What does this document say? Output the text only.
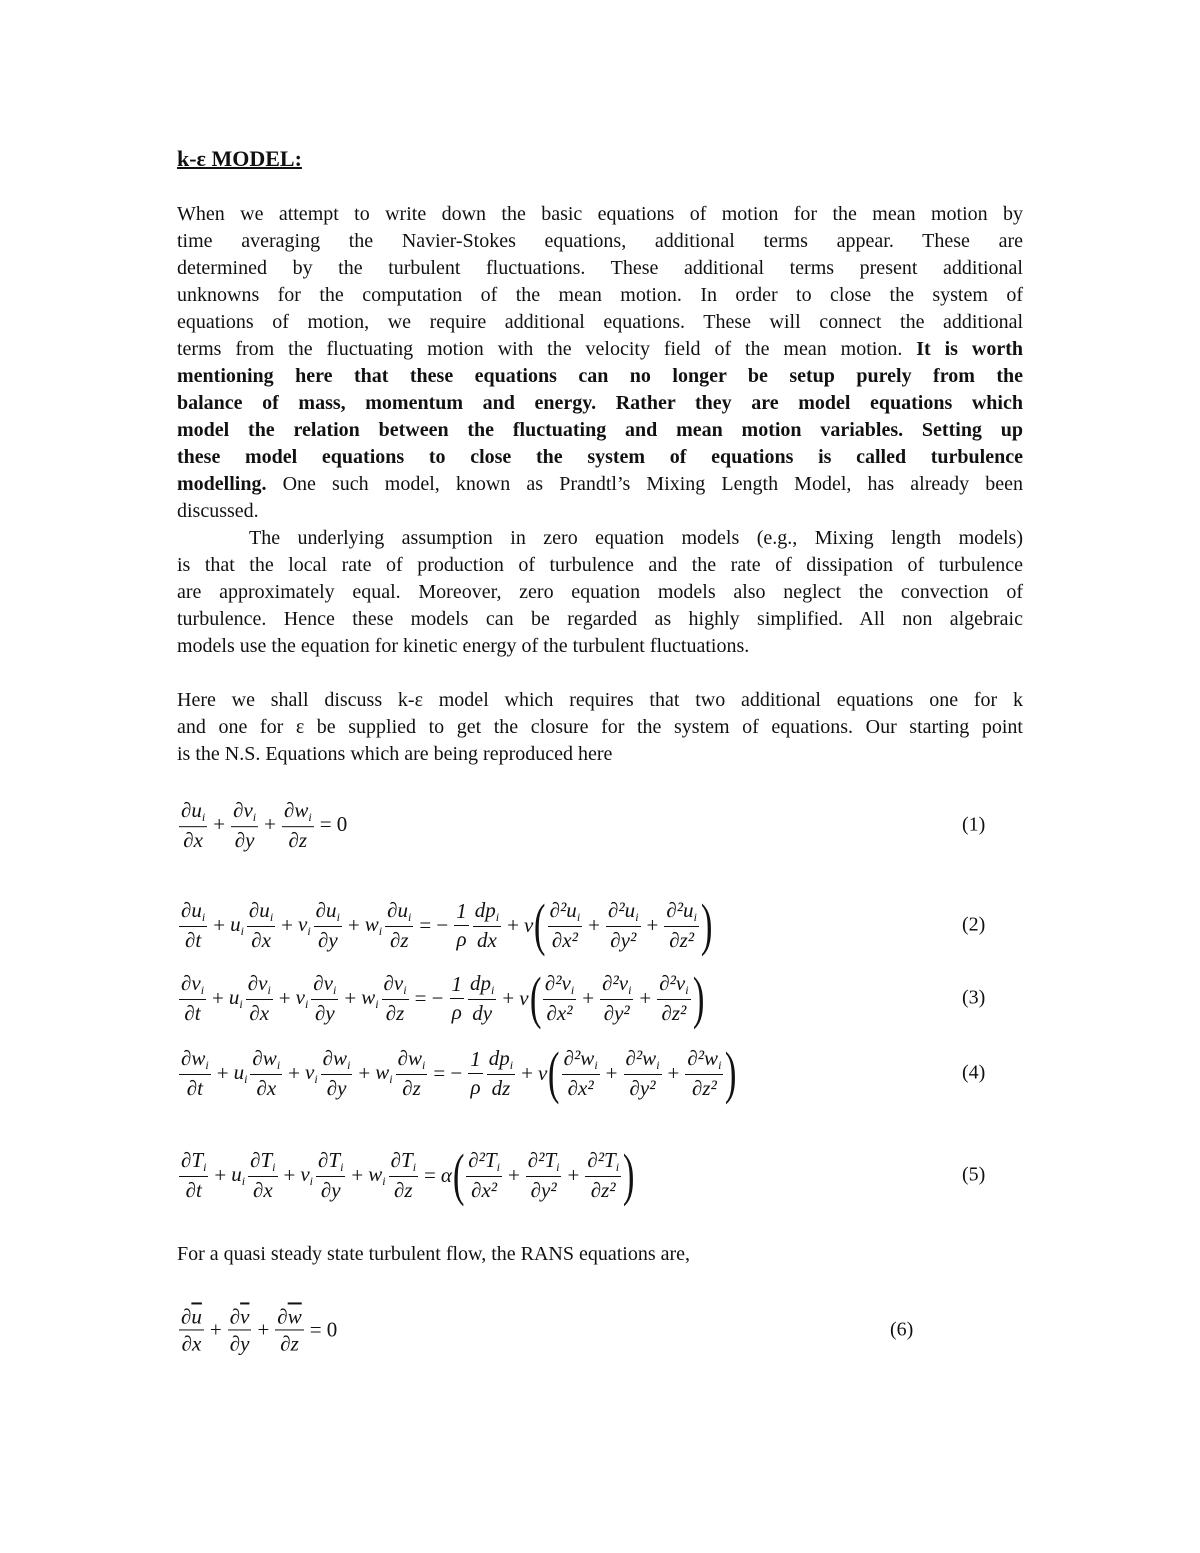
k-ε MODEL:
When we attempt to write down the basic equations of motion for the mean motion by
time averaging the Navier-Stokes equations, additional terms appear. These are
determined by the turbulent fluctuations. These additional terms present additional
unknowns for the computation of the mean motion. In order to close the system of
equations of motion, we require additional equations. These will connect the additional
terms from the fluctuating motion with the velocity field of the mean motion. It is worth
mentioning here that these equations can no longer be setup purely from the
balance of mass, momentum and energy. Rather they are model equations which
model the relation between the fluctuating and mean motion variables. Setting up
these model equations to close the system of equations is called turbulence
modelling. One such model, known as Prandtl’s Mixing Length Model, has already been
discussed.
The underlying assumption in zero equation models (e.g., Mixing length models)
is that the local rate of production of turbulence and the rate of dissipation of turbulence
are approximately equal. Moreover, zero equation models also neglect the convection of
turbulence. Hence these models can be regarded as highly simplified. All non algebraic
models use the equation for kinetic energy of the turbulent fluctuations.
Here we shall discuss k-ε model which requires that two additional equations one for k
and one for ε be supplied to get the closure for the system of equations. Our starting point
is the N.S. Equations which are being reproduced here
For a quasi steady state turbulent flow, the RANS equations are,
$\frac{\partial u_i}{\partial x} + \frac{\partial v_i}{\partial y} + \frac{\partial w_i}{\partial z} = 0$	(1)
$\frac{\partial u_i}{\partial t} + u_i \frac{\partial u_i}{\partial x} + v_i \frac{\partial u_i}{\partial y} + w_i \frac{\partial u_i}{\partial z}$ = − $\frac{1}{\rho} \frac{dp_i}{dx} + \nu$ ( $\frac{\partial^2u_i}{\text{∂x²}} + \frac{\partial^2u_i}{\text{∂y²}} + \frac{\partial^2u_i}{\text{∂z²}}$ )	(2)
$\frac{\partial v_i}{\partial t} + u_i \frac{\partial v_i}{\partial x} + v_i \frac{\partial v_i}{\partial y} + w_i \frac{\partial v_i}{\partial z}$ = − $\frac{1}{\rho} \frac{dp_i}{dy} + \nu$ ( $\frac{\partial^2v_i}{\text{∂x²}} + \frac{\partial^2v_i}{\text{∂y²}} + \frac{\partial^2v_i}{\text{∂z²}}$ )	(3)
$\frac{\partial w_i}{\partial t} + u_i \frac{\partial w_i}{\partial x} + v_i \frac{\partial w_i}{\partial y} + w_i \frac{\partial w_i}{\partial z}$ = − $\frac{1}{\rho} \frac{dp_i}{dz} + \nu$ ( $\frac{\partial^2w_i}{\text{∂x²}} + \frac{\partial^2w_i}{\text{∂y²}} + \frac{\partial^2w_i}{\text{∂z²}}$ )	(4)
$\frac{\partial T_i}{\partial t} + u_i \frac{\partial T_i}{\partial x} + v_i \frac{\partial T_i}{\partial y} + w_i \frac{\partial T_i}{\partial z} = \alpha$ ( $\frac{\partial^2T_i}{\text{∂x²}} + \frac{\partial^2T_i}{\text{∂y²}} + \frac{\partial^2T_i}{\text{∂z²}}$ )	(5)
$\frac{\partial\overline{u}}{\partial x} + \frac{\partial\overline{v}}{\partial y} + \frac{\partial\overline{w}}{\partial z} = 0$	(6)
